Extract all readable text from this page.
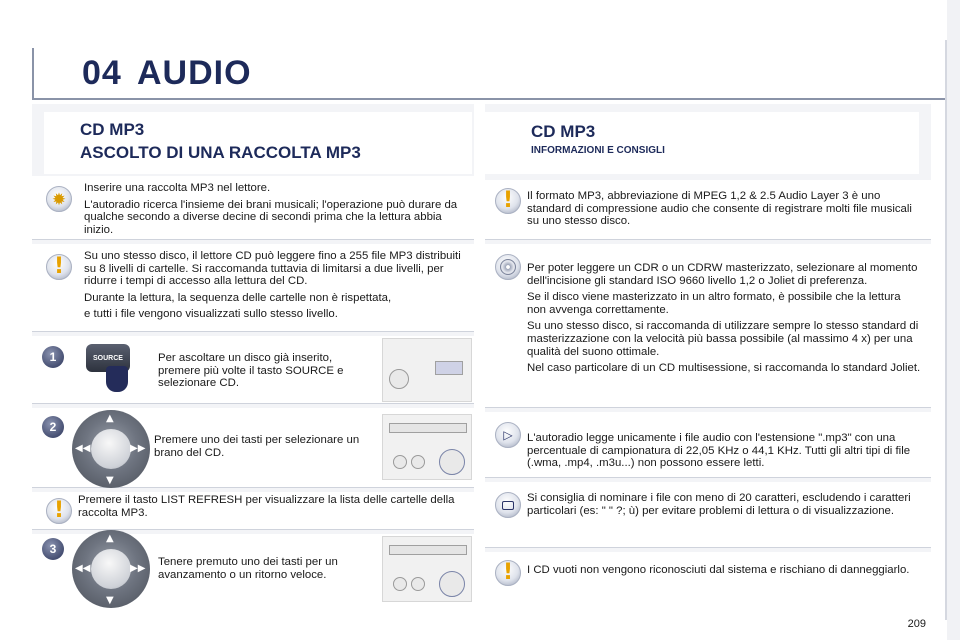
04 AUDIO
CD MP3
ASCOLTO DI UNA RACCOLTA MP3
✹

Inserire una raccolta MP3 nel lettore.

L'autoradio ricerca l'insieme dei brani musicali; l'operazione può durare da qualche secondo a diverse decine di secondi prima che la lettura abbia inizio.

! Su uno stesso disco, il lettore CD può leggere fino a 255 file MP3 distribuiti su 8 livelli di cartelle. Si raccomanda tuttavia di limitarsi a due livelli, per ridurre i tempi di accesso alla lettura del CD.

Durante la lettura, la sequenza delle cartelle non è rispettata,

e tutti i file vengono visualizzati sullo stesso livello.

1	SOURCE	Per ascoltare un disco già inserito, premere più volte il tasto SOURCE e selezionare CD.
2
▲
▼
◀◀	▶▶
Premere uno dei tasti per selezionare un brano del CD.
! Premere il tasto LIST REFRESH per visualizzare la lista delle cartelle della raccolta MP3.
3
▲
▼
◀◀	▶▶
Tenere premuto uno dei tasti per un avanzamento o un ritorno veloce.
CD MP3
INFORMAZIONI E CONSIGLI
! Il formato MP3, abbreviazione di MPEG 1,2 & 2.5 Audio Layer 3 è uno standard di compressione audio che consente di registrare molti file musicali su uno stesso disco.

Per poter leggere un CDR o un CDRW masterizzato, selezionare al momento dell'incisione gli standard ISO 9660 livello 1,2 o Joliet di preferenza.

Se il disco viene masterizzato in un altro formato, è possibile che la lettura non avvenga correttamente.

Su uno stesso disco, si raccomanda di utilizzare sempre lo stesso standard di masterizzazione con la velocità più bassa possibile (al massimo 4 x) per una qualità del suono ottimale.

Nel caso particolare di un CD multisessione, si raccomanda lo standard Joliet.

▷ L'autoradio legge unicamente i file audio con l'estensione ".mp3" con una percentuale di campionatura di 22,05 KHz o 44,1 KHz. Tutti gli altri tipi di file (.wma, .mp4, .m3u...) non possono essere letti.
Si consiglia di nominare i file con meno di 20 caratteri, escludendo i caratteri particolari (es: " " ?; ù) per evitare problemi di lettura o di visualizzazione.
! I CD vuoti non vengono riconosciuti dal sistema e rischiano di danneggiarlo.
209
